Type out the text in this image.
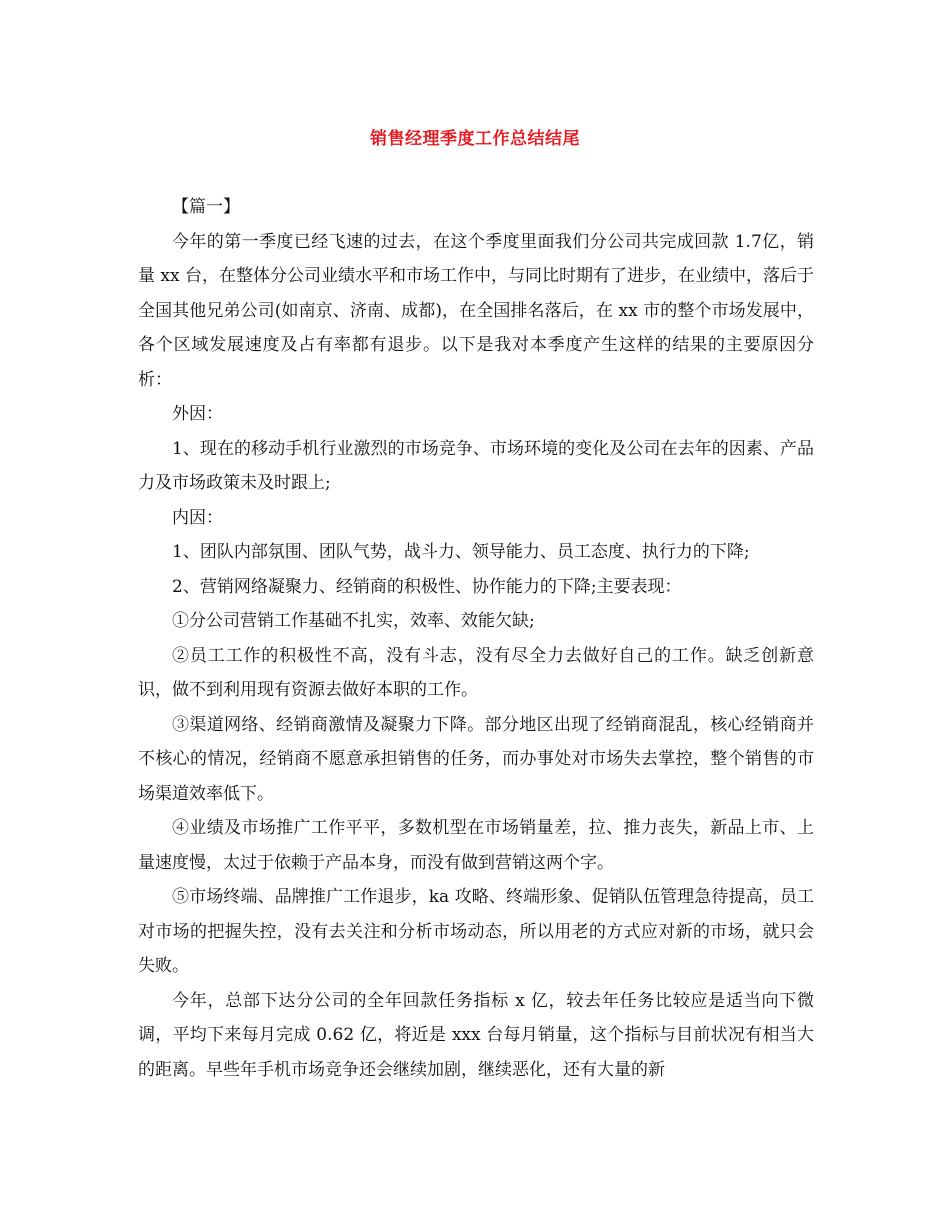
销售经理季度工作总结结尾

【篇一】

今年的第一季度已经飞速的过去，在这个季度里面我们分公司共完成回款 1.7亿，销量 xx 台，在整体分公司业绩水平和市场工作中，与同比时期有了进步，在业绩中，落后于全国其他兄弟公司(如南京、济南、成都)，在全国排名落后，在 xx 市的整个市场发展中，各个区域发展速度及占有率都有退步。以下是我对本季度产生这样的结果的主要原因分析：

外因：

1、现在的移动手机行业激烈的市场竞争、市场环境的变化及公司在去年的因素、产品力及市场政策未及时跟上;

内因：

1、团队内部氛围、团队气势，战斗力、领导能力、员工态度、执行力的下降;

2、营销网络凝聚力、经销商的积极性、协作能力的下降;主要表现：

①分公司营销工作基础不扎实，效率、效能欠缺;

②员工工作的积极性不高，没有斗志，没有尽全力去做好自己的工作。缺乏创新意识，做不到利用现有资源去做好本职的工作。

③渠道网络、经销商激情及凝聚力下降。部分地区出现了经销商混乱，核心经销商并不核心的情况，经销商不愿意承担销售的任务，而办事处对市场失去掌控，整个销售的市场渠道效率低下。

④业绩及市场推广工作平平，多数机型在市场销量差，拉、推力丧失，新品上市、上量速度慢，太过于依赖于产品本身，而没有做到营销这两个字。

⑤市场终端、品牌推广工作退步，ka 攻略、终端形象、促销队伍管理急待提高，员工对市场的把握失控，没有去关注和分析市场动态，所以用老的方式应对新的市场，就只会失败。

今年，总部下达分公司的全年回款任务指标 x 亿，较去年任务比较应是适当向下微调，平均下来每月完成 0.62 亿，将近是 xxx 台每月销量，这个指标与目前状况有相当大的距离。早些年手机市场竞争还会继续加剧，继续恶化，还有大量的新
